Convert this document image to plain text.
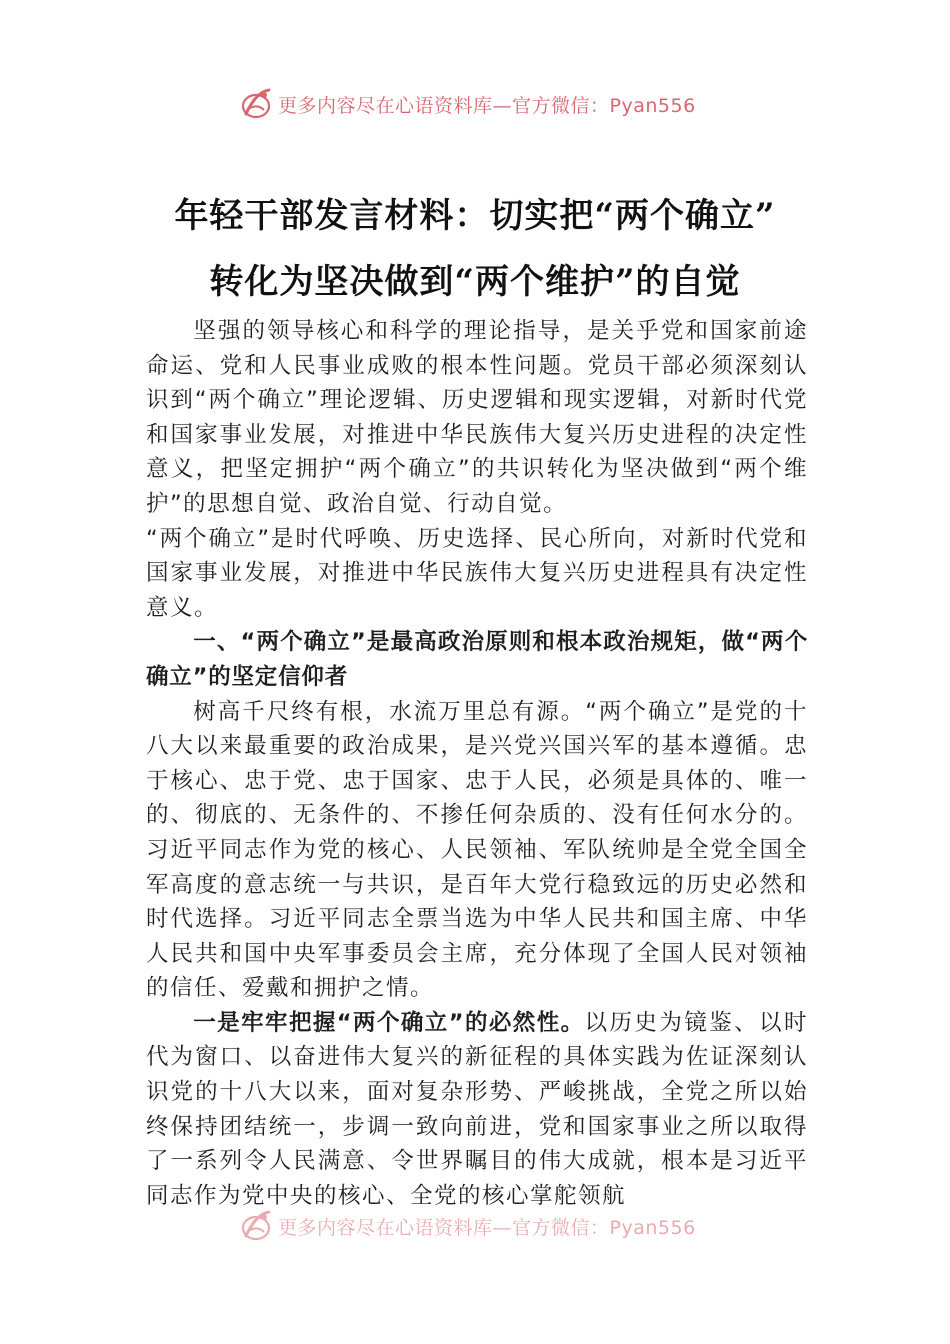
更多内容尽在心语资料库—官方微信：Pyan556
年轻干部发言材料：切实把“两个确立”
转化为坚决做到“两个维护”的自觉

坚强的领导核心和科学的理论指导，是关乎党和国家前途命运、党和人民事业成败的根本性问题。党员干部必须深刻认识到“两个确立”理论逻辑、历史逻辑和现实逻辑，对新时代党和国家事业发展，对推进中华民族伟大复兴历史进程的决定性意义，把坚定拥护“两个确立”的共识转化为坚决做到“两个维护”的思想自觉、政治自觉、行动自觉。

“两个确立”是时代呼唤、历史选择、民心所向，对新时代党和国家事业发展，对推进中华民族伟大复兴历史进程具有决定性意义。

一、“两个确立”是最高政治原则和根本政治规矩，做“两个确立”的坚定信仰者

树高千尺终有根，水流万里总有源。“两个确立”是党的十八大以来最重要的政治成果，是兴党兴国兴军的基本遵循。忠于核心、忠于党、忠于国家、忠于人民，必须是具体的、唯一的、彻底的、无条件的、不掺任何杂质的、没有任何水分的。习近平同志作为党的核心、人民领袖、军队统帅是全党全国全军高度的意志统一与共识，是百年大党行稳致远的历史必然和时代选择。习近平同志全票当选为中华人民共和国主席、中华人民共和国中央军事委员会主席，充分体现了全国人民对领袖的信任、爱戴和拥护之情。

一是牢牢把握“两个确立”的必然性。以历史为镜鉴、以时代为窗口、以奋进伟大复兴的新征程的具体实践为佐证深刻认识党的十八大以来，面对复杂形势、严峻挑战，全党之所以始终保持团结统一，步调一致向前进，党和国家事业之所以取得了一系列令人民满意、令世界瞩目的伟大成就，根本是习近平同志作为党中央的核心、全党的核心掌舵领航

更多内容尽在心语资料库—官方微信：Pyan556
